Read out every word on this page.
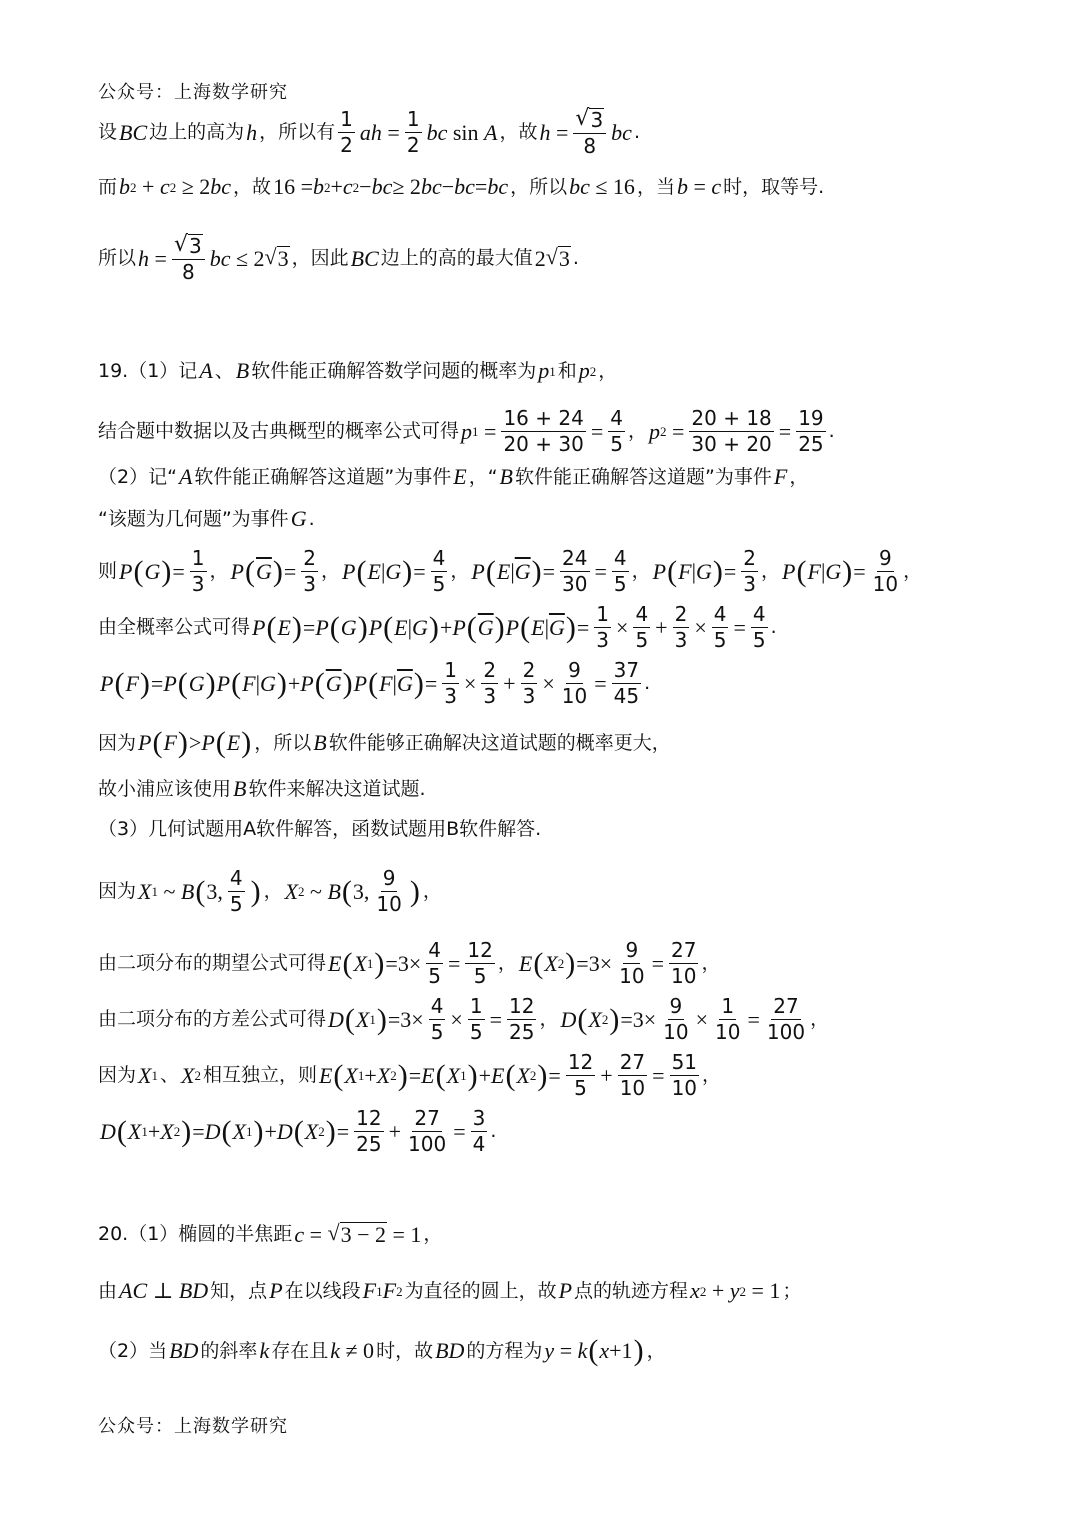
公众号：上海数学研究
设 BC 边上的高为 h ，所以有 $\frac{1}{2}$ ah = $\frac{1}{2}$ bc sin A ，故 $h = \frac{√ 3}{8}$ bc .
而 b 2 + c 2 ≥ 2 bc ，故 16 = b 2 + c 2 − bc ≥ 2 bc − bc = bc ，所以 bc ≤ 16 ，当 b = c 时，取等号.
所以 $h = \frac{√ 3}{8}$ bc ≤ 2 √ 3 ，因此 BC 边上的高的最大值 2 √ 3 .
19.（1）记 A 、 B 软件能正确解答数学问题的概率为 p 1 和 p 2 ，
结合题中数据以及古典概型的概率公式可得 p $1 = \frac{16 + 24}{20 + 30} = \frac{4}{5}$ ， p $2 = \frac{20 + 18}{30 + 20} = \frac{19}{25}$ .
（2）记“ A 软件能正确解答这道题”为事件 E ，“ B 软件能正确解答这道题”为事件 F ，
“该题为几何题”为事件 G .
则 P ( G ) = $\frac{1}{3}$ ， P ( $\overline{G}$ ) = $\frac{2}{3}$ ， P ( E | G ) = $\frac{4}{5}$ ， P ( E | $\overline{G}$ ) = $\frac{24}{30} = \frac{4}{5}$ ， P ( F | G ) = $\frac{2}{3}$ ， P ( F | G ) = $\frac{9}{10}$ ，
由全概率公式可得 P ( E ) = P ( G ) P ( E | G ) + P ( $\overline{G}$ ) P ( E | $\overline{G}$ ) = $\frac{1}{3} \times \frac{4}{5} + \frac{2}{3} \times \frac{4}{5} = \frac{4}{5}$ .
P ( F ) = P ( G ) P ( F | G ) + P ( $\overline{G}$ ) P ( F | $\overline{G}$ ) = $\frac{1}{3} \times \frac{2}{3} + \frac{2}{3} \times \frac{9}{10} = \frac{37}{45}$ .
因为 P ( F ) > P ( E ) ，所以 B 软件能够正确解决这道试题的概率更大，
故小浦应该使用 B 软件来解决这道试题.
（3）几何试题用A软件解答，函数试题用B软件解答.
因为 X 1 ~ B ( 3, $\frac{4}{5}$ ) ， X 2 ~ B ( 3, $\frac{9}{10}$ ) ，
由二项分布的期望公式可得 E ( X 1 ) $=3\times \frac{4}{5} = \frac{12}{5}$ ， E ( X 2 ) $=3\times \frac{9}{10} = \frac{27}{10}$ ，
由二项分布的方差公式可得 D ( X 1 ) $=3\times \frac{4}{5} \times \frac{1}{5} = \frac{12}{25}$ ， D ( X 2 ) $=3\times \frac{9}{10} \times \frac{1}{10} = \frac{27}{100}$ ，
因为 X 1 、 X 2 相互独立，则 E ( X 1 + X 2 ) = E ( X 1 ) + E ( X 2 ) = $\frac{12}{5} + \frac{27}{10} = \frac{51}{10}$ ，
D ( X 1 + X 2 ) = D ( X 1 ) + D ( X 2 ) = $\frac{12}{25} + \frac{27}{100} = \frac{3}{4}$ .
20.（1）椭圆的半焦距 c = √ 3 − 2 = 1 ，
由 AC ⊥ BD 知，点 P 在以线段 F 1 F 2 为直径的圆上，故 P 点的轨迹方程 x 2 + y 2 = 1 ；
（2）当 BD 的斜率 k 存在且 k ≠ 0 时，故 BD 的方程为 y = k ( x +1 ) ，
公众号：上海数学研究
